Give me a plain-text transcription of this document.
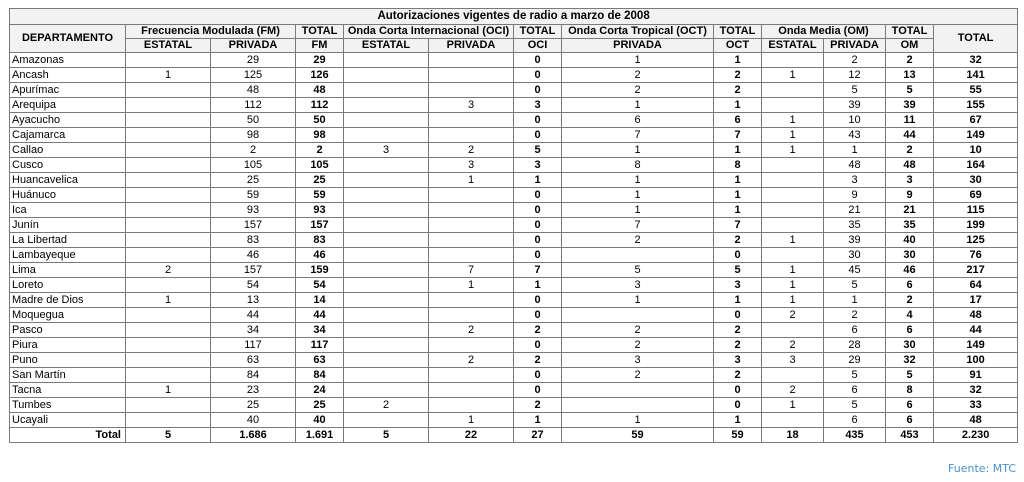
Autorizaciones vigentes de radio a marzo de 2008												
DEPARTAMENTO	Frecuencia Modulada (FM)		TOTAL	Onda Corta Internacional (OCI)		TOTAL	Onda Corta Tropical (OCT)	TOTAL	Onda Media (OM)		TOTAL	TOTAL
	ESTATAL	PRIVADA	FM	ESTATAL	PRIVADA	OCI	PRIVADA	OCT	ESTATAL	PRIVADA	OM	
Amazonas		29	29			0	1	1		2	2	32
Ancash	1	125	126			0	2	2	1	12	13	141
Apurímac		48	48			0	2	2		5	5	55
Arequipa		112	112		3	3	1	1		39	39	155
Ayacucho		50	50			0	6	6	1	10	11	67
Cajamarca		98	98			0	7	7	1	43	44	149
Callao		2	2	3	2	5	1	1	1	1	2	10
Cusco		105	105		3	3	8	8		48	48	164
Huancavelica		25	25		1	1	1	1		3	3	30
Huánuco		59	59			0	1	1		9	9	69
Ica		93	93			0	1	1		21	21	115
Junín		157	157			0	7	7		35	35	199
La Libertad		83	83			0	2	2	1	39	40	125
Lambayeque		46	46			0		0		30	30	76
Lima	2	157	159		7	7	5	5	1	45	46	217
Loreto		54	54		1	1	3	3	1	5	6	64
Madre de Dios	1	13	14			0	1	1	1	1	2	17
Moquegua		44	44			0		0	2	2	4	48
Pasco		34	34		2	2	2	2		6	6	44
Piura		117	117			0	2	2	2	28	30	149
Puno		63	63		2	2	3	3	3	29	32	100
San Martín		84	84			0	2	2		5	5	91
Tacna	1	23	24			0		0	2	6	8	32
Tumbes		25	25	2		2		0	1	5	6	33
Ucayali		40	40		1	1	1	1		6	6	48
Total	5	1.686	1.691	5	22	27	59	59	18	435	453	2.230
Fuente: MTC
